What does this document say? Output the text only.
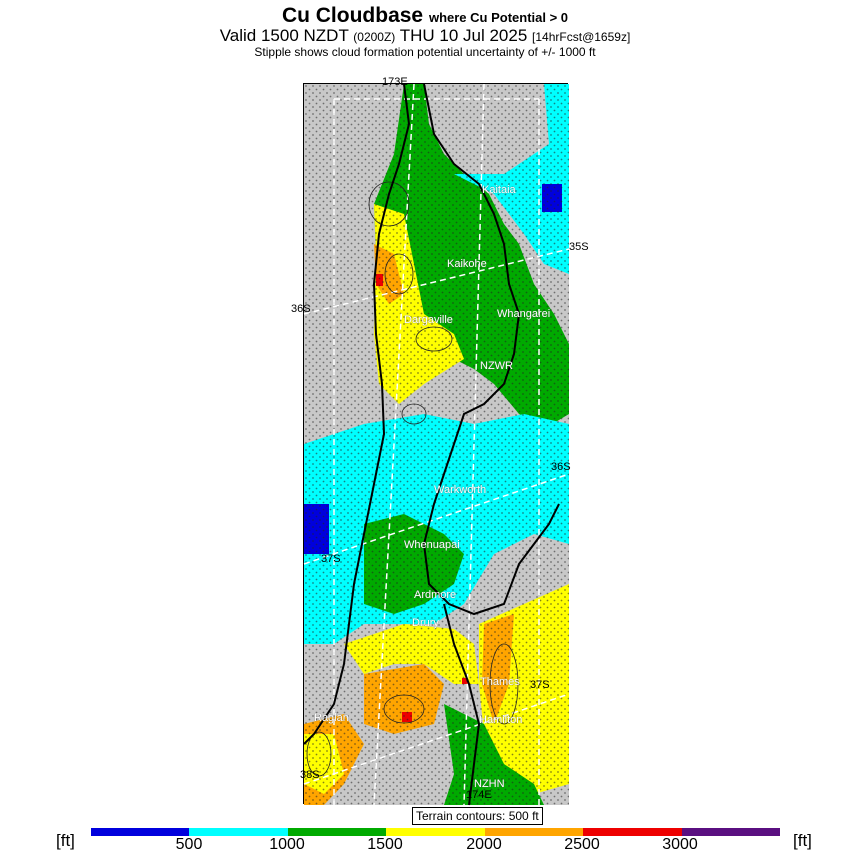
Cu Cloudbase where Cu Potential > 0
Valid 1500 NZDT (0200Z) THU 10 Jul 2025 [14hrFcst@1659z]
Stipple shows cloud formation potential uncertainty of +/- 1000 ft
173E
174E
Kaitaia
Kaikohe
Whangarei
Dargaville
NZWR
Warkworth
Whenuapai
Ardmore
Drury
Thames
Raglan	Hamilton
NZHN
35S
36S
36S
37S
37S
38S
Terrain contours: 500 ft
[ft]	[ft]
500	1000	1500	2000	2500	3000
